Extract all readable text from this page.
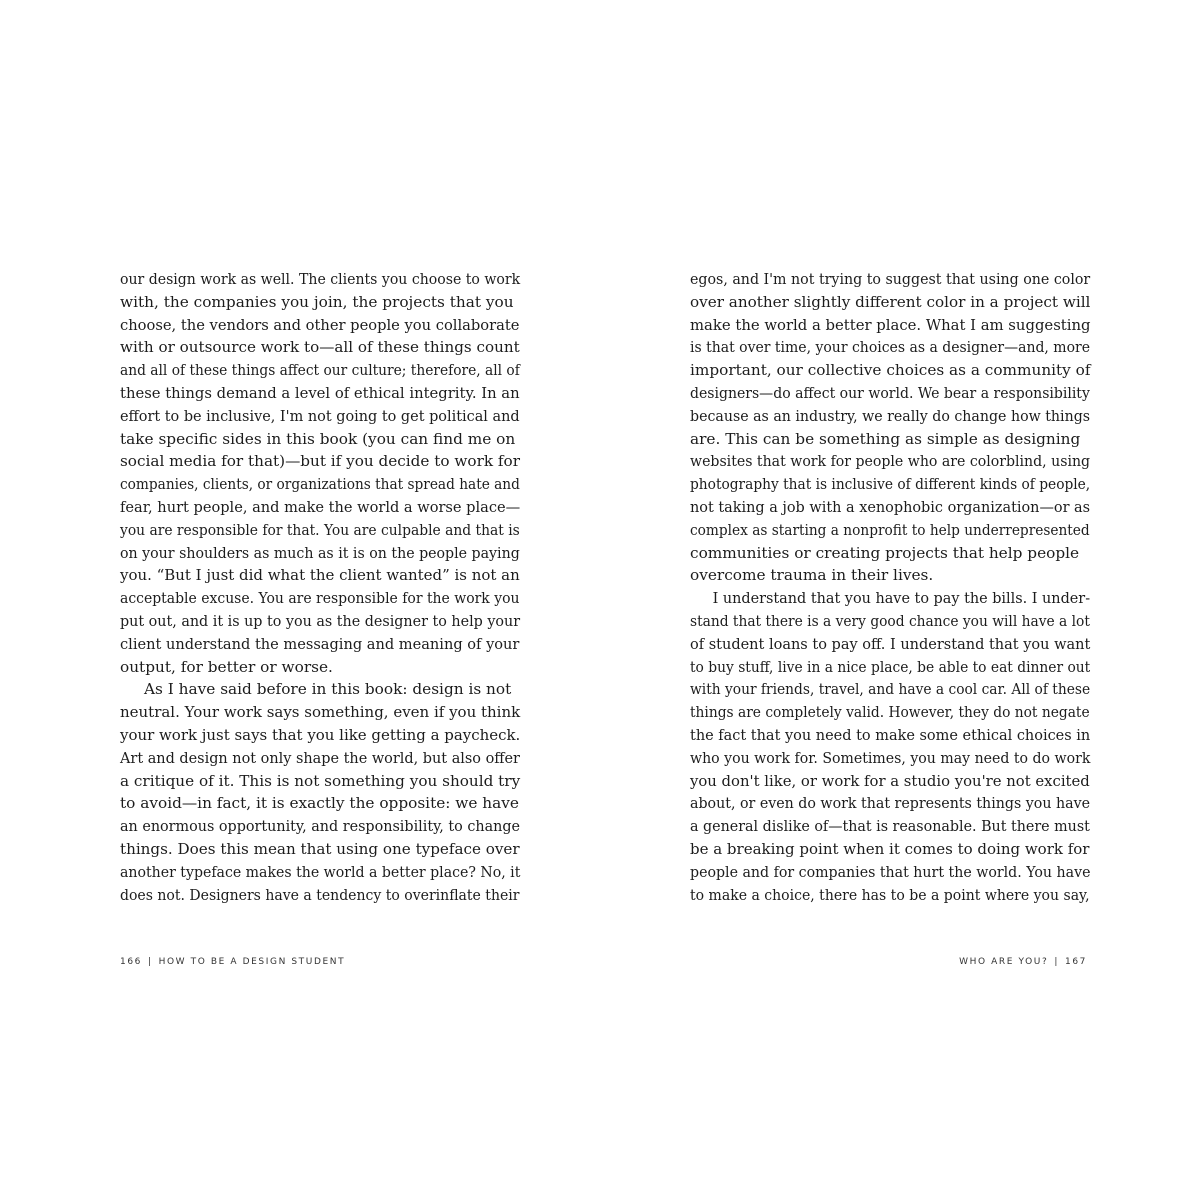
our design work as well. The clients you choose to work
with, the companies you join, the projects that you
choose, the vendors and other people you collaborate
with or outsource work to—all of these things count
and all of these things affect our culture; therefore, all of
these things demand a level of ethical integrity. In an
effort to be inclusive, I'm not going to get political and
take specific sides in this book (you can find me on
social media for that)—but if you decide to work for
companies, clients, or organizations that spread hate and
fear, hurt people, and make the world a worse place—
you are responsible for that. You are culpable and that is
on your shoulders as much as it is on the people paying
you. “But I just did what the client wanted” is not an
acceptable excuse. You are responsible for the work you
put out, and it is up to you as the designer to help your
client understand the messaging and meaning of your
output, for better or worse.
As I have said before in this book: design is not
neutral. Your work says something, even if you think
your work just says that you like getting a paycheck.
Art and design not only shape the world, but also offer
a critique of it. This is not something you should try
to avoid—in fact, it is exactly the opposite: we have
an enormous opportunity, and responsibility, to change
things. Does this mean that using one typeface over
another typeface makes the world a better place? No, it
does not. Designers have a tendency to overinflate their
166 | HOW TO BE A DESIGN STUDENT
egos, and I'm not trying to suggest that using one color
over another slightly different color in a project will
make the world a better place. What I am suggesting
is that over time, your choices as a designer—and, more
important, our collective choices as a community of
designers—do affect our world. We bear a responsibility
because as an industry, we really do change how things
are. This can be something as simple as designing
websites that work for people who are colorblind, using
photography that is inclusive of different kinds of people,
not taking a job with a xenophobic organization—or as
complex as starting a nonprofit to help underrepresented
communities or creating projects that help people
overcome trauma in their lives.
I understand that you have to pay the bills. I under-
stand that there is a very good chance you will have a lot
of student loans to pay off. I understand that you want
to buy stuff, live in a nice place, be able to eat dinner out
with your friends, travel, and have a cool car. All of these
things are completely valid. However, they do not negate
the fact that you need to make some ethical choices in
who you work for. Sometimes, you may need to do work
you don't like, or work for a studio you're not excited
about, or even do work that represents things you have
a general dislike of—that is reasonable. But there must
be a breaking point when it comes to doing work for
people and for companies that hurt the world. You have
to make a choice, there has to be a point where you say,
WHO ARE YOU? | 167
